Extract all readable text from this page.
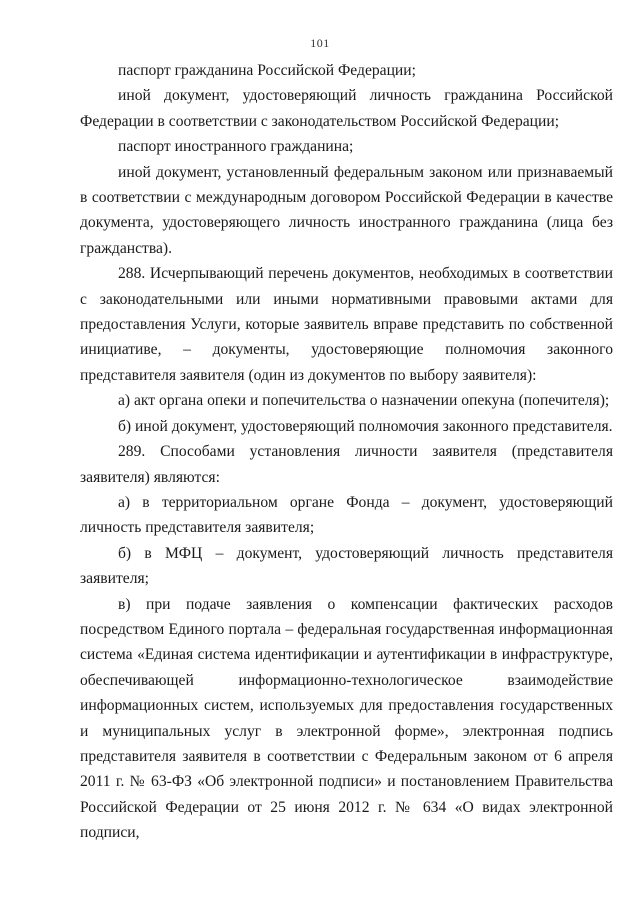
101

паспорт гражданина Российской Федерации;

иной документ, удостоверяющий личность гражданина Российской Федерации в соответствии с законодательством Российской Федерации;

паспорт иностранного гражданина;

иной документ, установленный федеральным законом или признаваемый в соответствии с международным договором Российской Федерации в качестве документа, удостоверяющего личность иностранного гражданина (лица без гражданства).

288. Исчерпывающий перечень документов, необходимых в соответствии с законодательными или иными нормативными правовыми актами для предоставления Услуги, которые заявитель вправе представить по собственной инициативе, – документы, удостоверяющие полномочия законного представителя заявителя (один из документов по выбору заявителя):

а) акт органа опеки и попечительства о назначении опекуна (попечителя);

б) иной документ, удостоверяющий полномочия законного представителя.

289. Способами установления личности заявителя (представителя заявителя) являются:

а) в территориальном органе Фонда – документ, удостоверяющий личность представителя заявителя;

б) в МФЦ – документ, удостоверяющий личность представителя заявителя;

в) при подаче заявления о компенсации фактических расходов посредством Единого портала – федеральная государственная информационная система «Единая система идентификации и аутентификации в инфраструктуре, обеспечивающей информационно-технологическое взаимодействие информационных систем, используемых для предоставления государственных и муниципальных услуг в электронной форме», электронная подпись представителя заявителя в соответствии с Федеральным законом от 6 апреля 2011 г. № 63-ФЗ «Об электронной подписи» и постановлением Правительства Российской Федерации от 25 июня 2012 г. № 634 «О видах электронной подписи,
